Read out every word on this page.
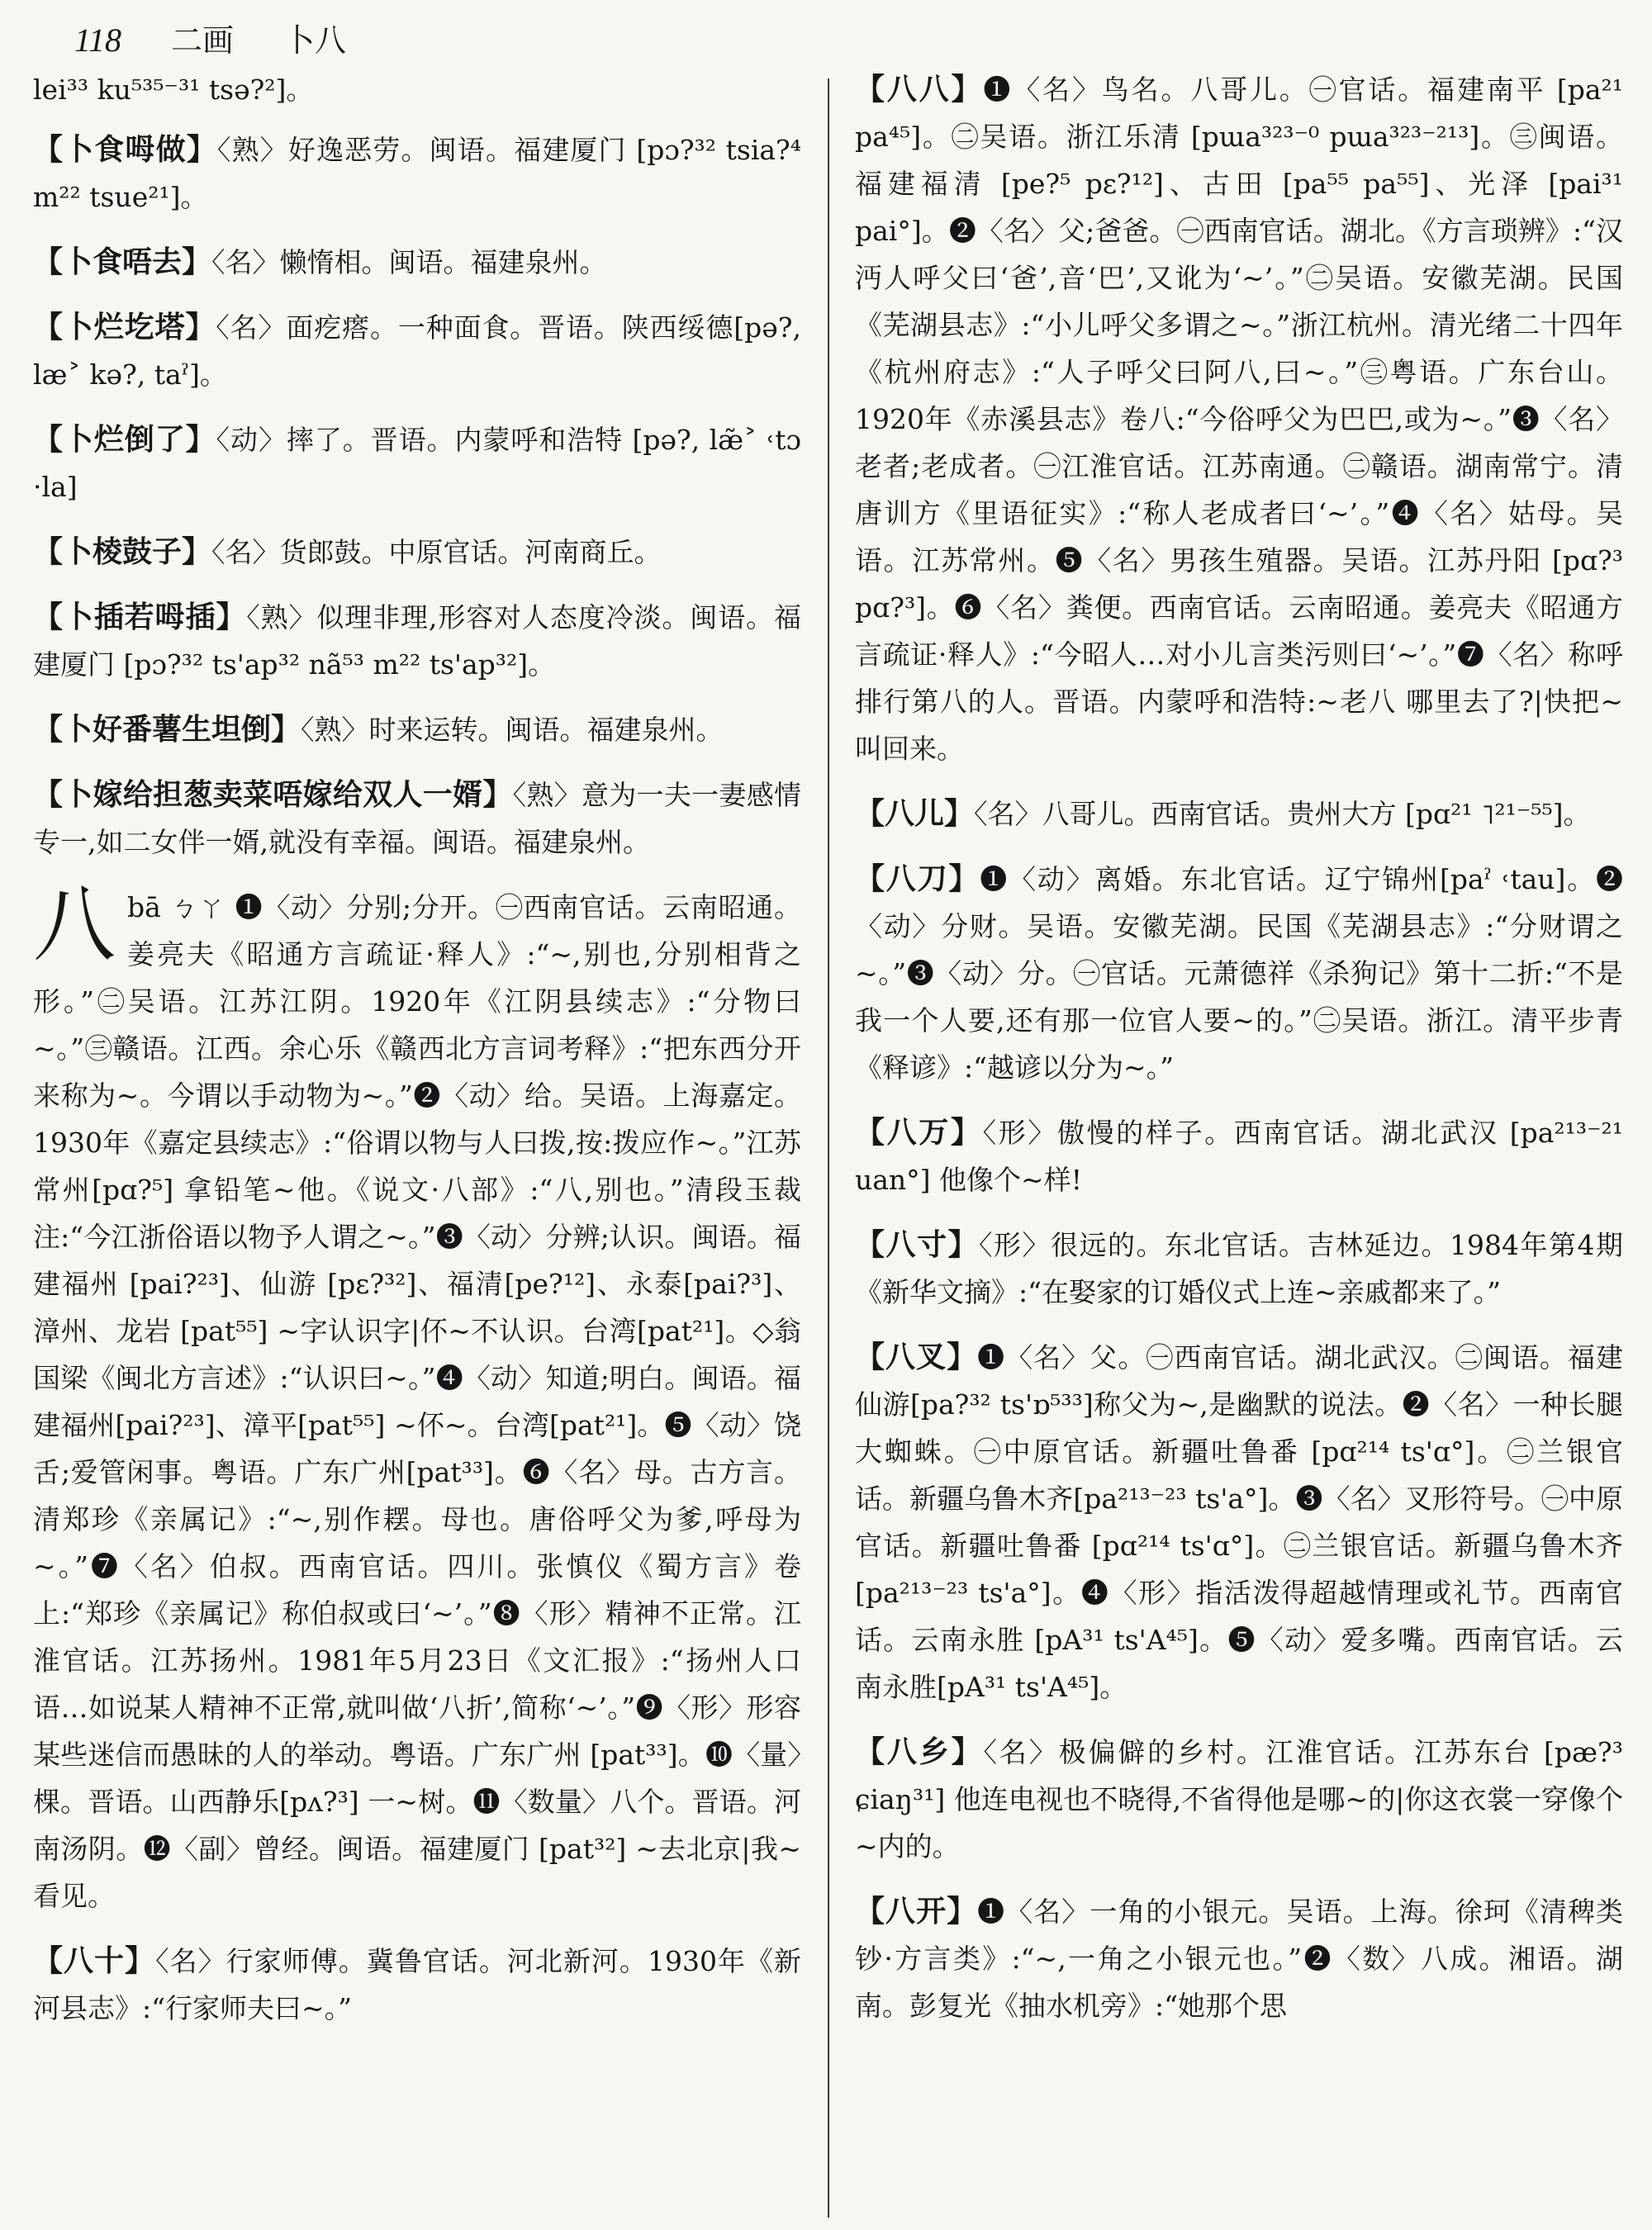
118 二画 卜八
lei³³ ku⁵³⁵⁻³¹ tsə?²]。
【卜食呣做】〈熟〉好逸恶劳。闽语。福建厦门 [pɔ?³² tsia?⁴ m²² tsue²¹]。
【卜食唔去】〈名〉懒惰相。闽语。福建泉州。
【卜烂圪塔】〈名〉面疙瘩。一种面食。晋语。陕西绥德[pə?, læ˃ kə?, taˀ]。
【卜烂倒了】〈动〉摔了。晋语。内蒙呼和浩特 [pə?, læ̃˃ ˓tɔ ·la]
【卜棱鼓子】〈名〉货郎鼓。中原官话。河南商丘。
【卜插若呣插】〈熟〉似理非理,形容对人态度冷淡。闽语。福建厦门 [pɔ?³² ts'ap³² nã⁵³ m²² ts'ap³²]。
【卜好番薯生坦倒】〈熟〉时来运转。闽语。福建泉州。
【卜嫁给担葱卖菜唔嫁给双人一婿】〈熟〉意为一夫一妻感情专一,如二女伴一婿,就没有幸福。闽语。福建泉州。
八bā ㄅㄚ ❶〈动〉分别;分开。㊀西南官话。云南昭通。姜亮夫《昭通方言疏证·释人》:“~,别也,分别相背之形。”㊁吴语。江苏江阴。1920年《江阴县续志》:“分物曰~。”㊂赣语。江西。余心乐《赣西北方言词考释》:“把东西分开来称为~。今谓以手动物为~。”❷〈动〉给。吴语。上海嘉定。1930年《嘉定县续志》:“俗谓以物与人曰拨,按:拨应作~。”江苏常州[pɑ?⁵] 拿铅笔~他。《说文·八部》:“八,别也。”清段玉裁注:“今江浙俗语以物予人谓之~。”❸〈动〉分辨;认识。闽语。福建福州 [pai?²³]、仙游 [pɛ?³²]、福清[pe?¹²]、永泰[pai?³]、漳州、龙岩 [pat⁵⁵] ~字认识字|伓~不认识。台湾[pat²¹]。◇翁国梁《闽北方言述》:“认识曰~。”❹〈动〉知道;明白。闽语。福建福州[pai?²³]、漳平[pat⁵⁵] ~伓~。台湾[pat²¹]。❺〈动〉饶舌;爱管闲事。粤语。广东广州[pat³³]。❻〈名〉母。古方言。清郑珍《亲属记》:“~,别作䎬。母也。唐俗呼父为爹,呼母为~。”❼〈名〉伯叔。西南官话。四川。张慎仪《蜀方言》卷上:“郑珍《亲属记》称伯叔或曰‘~’。”❽〈形〉精神不正常。江淮官话。江苏扬州。1981年5月23日《文汇报》:“扬州人口语…如说某人精神不正常,就叫做‘八折’,简称‘~’。”❾〈形〉形容某些迷信而愚昧的人的举动。粤语。广东广州 [pat³³]。❿〈量〉棵。晋语。山西静乐[pʌ?³] 一~树。⓫〈数量〉八个。晋语。河南汤阴。⓬〈副〉曾经。闽语。福建厦门 [pat³²] ~去北京|我~看见。
【八十】〈名〉行家师傅。冀鲁官话。河北新河。1930年《新河县志》:“行家师夫曰~。”
【八八】❶〈名〉鸟名。八哥儿。㊀官话。福建南平 [pa²¹ pa⁴⁵]。㊁吴语。浙江乐清 [pɯa³²³⁻⁰ pɯa³²³⁻²¹³]。㊂闽语。福建福清 [pe?⁵ pɛ?¹²]、古田 [pa⁵⁵ pa⁵⁵]、光泽 [pai³¹ pai°]。❷〈名〉父;爸爸。㊀西南官话。湖北。《方言琐辨》:“汉沔人呼父曰‘爸’,音‘巴’,又讹为‘~’。”㊁吴语。安徽芜湖。民国《芜湖县志》:“小儿呼父多谓之~。”浙江杭州。清光绪二十四年《杭州府志》:“人子呼父曰阿八,曰~。”㊂粤语。广东台山。1920年《赤溪县志》卷八:“今俗呼父为巴巴,或为~。”❸〈名〉老者;老成者。㊀江淮官话。江苏南通。㊁赣语。湖南常宁。清唐训方《里语征实》:“称人老成者曰‘~’。”❹〈名〉姑母。吴语。江苏常州。❺〈名〉男孩生殖器。吴语。江苏丹阳 [pɑ?³ pɑ?³]。❻〈名〉粪便。西南官话。云南昭通。姜亮夫《昭通方言疏证·释人》:“今昭人…对小儿言类污则曰‘~’。”❼〈名〉称呼排行第八的人。晋语。内蒙呼和浩特:~老八 哪里去了?|快把~叫回来。
【八儿】〈名〉八哥儿。西南官话。贵州大方 [pɑ²¹ ˥²¹⁻⁵⁵]。
【八刀】❶〈动〉离婚。东北官话。辽宁锦州[paˀ ˓tau]。❷〈动〉分财。吴语。安徽芜湖。民国《芜湖县志》:“分财谓之~。”❸〈动〉分。㊀官话。元萧德祥《杀狗记》第十二折:“不是我一个人要,还有那一位官人要~的。”㊁吴语。浙江。清平步青《释谚》:“越谚以分为~。”
【八万】〈形〉傲慢的样子。西南官话。湖北武汉 [pa²¹³⁻²¹ uan°] 他像个~样!
【八寸】〈形〉很远的。东北官话。吉林延边。1984年第4期《新华文摘》:“在娶家的订婚仪式上连~亲戚都来了。”
【八叉】❶〈名〉父。㊀西南官话。湖北武汉。㊁闽语。福建仙游[pa?³² ts'ɒ⁵³³]称父为~,是幽默的说法。❷〈名〉一种长腿大蜘蛛。㊀中原官话。新疆吐鲁番 [pɑ²¹⁴ ts'ɑ°]。㊁兰银官话。新疆乌鲁木齐[pa²¹³⁻²³ ts'a°]。❸〈名〉叉形符号。㊀中原官话。新疆吐鲁番 [pɑ²¹⁴ ts'ɑ°]。㊁兰银官话。新疆乌鲁木齐 [pa²¹³⁻²³ ts'a°]。❹〈形〉指活泼得超越情理或礼节。西南官话。云南永胜 [pA³¹ ts'A⁴⁵]。❺〈动〉爱多嘴。西南官话。云南永胜[pA³¹ ts'A⁴⁵]。
【八乡】〈名〉极偏僻的乡村。江淮官话。江苏东台 [pæ?³ ɕiaŋ³¹] 他连电视也不晓得,不省得他是哪~的|你这衣裳一穿像个~内的。
【八开】❶〈名〉一角的小银元。吴语。上海。徐珂《清稗类钞·方言类》:“~,一角之小银元也。”❷〈数〉八成。湘语。湖南。彭复光《抽水机旁》:“她那个思
